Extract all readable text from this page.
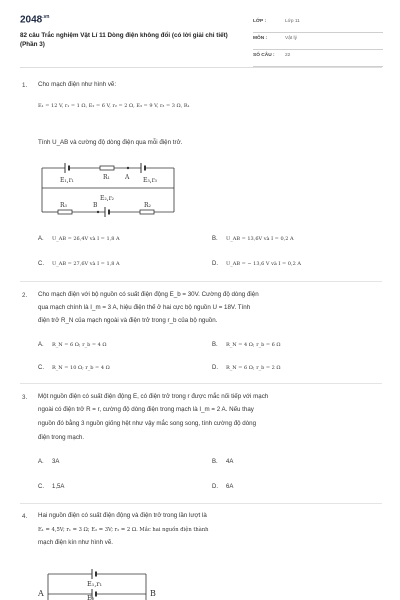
$2048^{.vn}$
82 câu Trắc nghiệm Vật Lí 11 Dòng điện không đổi (có lời giải chi tiết) (Phần 3)
LỚP :	Lớp 11
MÔN :	Vật lý
SỐ CÂU : 22
1. Cho mạch điện như hình vẽ:
E₁ = 12 V, r₁ = 1 Ω, E₂ = 6 V, r₂ = 2 Ω, E₃ = 9 V, r₃ = 3 Ω, R₁
Tính U_AB và cường độ dòng điện qua mỗi điện trở.
E₁,r₁	R₁	A E₃,r₃
R₃	B
E₂,r₂
R₂
A. U_AB = 26,4V và I = 1,8 A	B. U_AB = 13,6V và I = 0,2 A
C. U_AB = 27,6V và I = 1,8 A	D. U_AB = − 13,6 V và I = 0,2 A
2. Cho mạch điện với bộ nguồn có suất điện động E_b = 30V. Cường độ dòng điện
qua mạch chính là I_m = 3 A, hiệu điện thế ở hai cực bộ nguồn U = 18V. Tính
điện trở R_N của mạch ngoài và điện trở trong r_b của bộ nguồn.
A. R_N = 6 Ω; r_b = 4 Ω	B. R_N = 4 Ω; r_b = 6 Ω
C. R_N = 10 Ω; r_b = 4 Ω	D. R_N = 6 Ω; r_b = 2 Ω
3. Một nguồn điện có suất điện động E, có điện trở trong r được mắc nối tiếp với mạch
ngoài có điện trở R = r, cường độ dòng điện trong mạch là I_m = 2 A. Nếu thay
nguồn đó bằng 3 nguồn giống hệt như vậy mắc song song, tính cường độ dòng
điện trong mạch.
A. 3A	B. 4A
C. 1,5A	D. 6A
4. Hai nguồn điện có suất điện động và điện trở trong lần lượt là
E₁ = 4,5V; r₁ = 3 Ω; E₂ = 3V; r₂ = 2 Ω. Mắc hai nguồn điện thành
mạch điện kín như hình vẽ.
E₁,r₁
E₂
A	B
